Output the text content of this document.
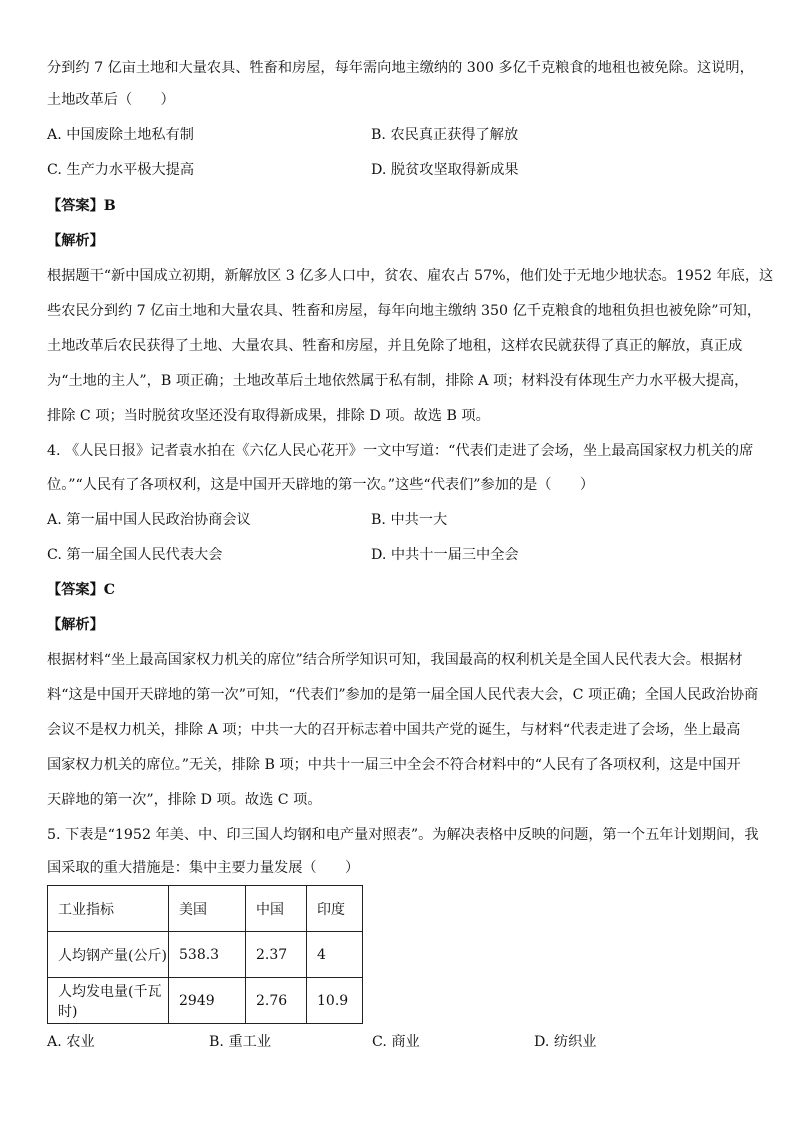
分到约 7 亿亩土地和大量农具、牲畜和房屋，每年需向地主缴纳的 300 多亿千克粮食的地租也被免除。这说明，
土地改革后（　　）
A. 中国废除土地私有制	B. 农民真正获得了解放
C. 生产力水平极大提高	D. 脱贫攻坚取得新成果
【答案】B
【解析】
根据题干“新中国成立初期，新解放区 3 亿多人口中，贫农、雇农占 57%，他们处于无地少地状态。1952 年底，这
些农民分到约 7 亿亩土地和大量农具、牲畜和房屋，每年向地主缴纳 350 亿千克粮食的地租负担也被免除”可知，
土地改革后农民获得了土地、大量农具、牲畜和房屋，并且免除了地租，这样农民就获得了真正的解放，真正成
为“土地的主人”，B 项正确；土地改革后土地依然属于私有制，排除 A 项；材料没有体现生产力水平极大提高，
排除 C 项；当时脱贫攻坚还没有取得新成果，排除 D 项。故选 B 项。
4. 《人民日报》记者袁水拍在《六亿人民心花开》一文中写道：“代表们走进了会场，坐上最高国家权力机关的席
位。”“人民有了各项权利，这是中国开天辟地的第一次。”这些“代表们”参加的是（　　）
A. 第一届中国人民政治协商会议	B. 中共一大
C. 第一届全国人民代表大会	D. 中共十一届三中全会
【答案】C
【解析】
根据材料“坐上最高国家权力机关的席位”结合所学知识可知，我国最高的权利机关是全国人民代表大会。根据材
料“这是中国开天辟地的第一次”可知，“代表们”参加的是第一届全国人民代表大会，C 项正确；全国人民政治协商
会议不是权力机关，排除 A 项；中共一大的召开标志着中国共产党的诞生，与材料“代表走进了会场，坐上最高
国家权力机关的席位。”无关，排除 B 项；中共十一届三中全会不符合材料中的“人民有了各项权利，这是中国开
天辟地的第一次”，排除 D 项。故选 C 项。
5. 下表是“1952 年美、中、印三国人均钢和电产量对照表”。为解决表格中反映的问题，第一个五年计划期间，我
国采取的重大措施是：集中主要力量发展（　　）
工业指标	美国	中国	印度
人均钢产量(公斤)	538.3	2.37	4
人均发电量(千瓦时)	2949	2.76	10.9
A. 农业	B. 重工业	C. 商业	D. 纺织业
